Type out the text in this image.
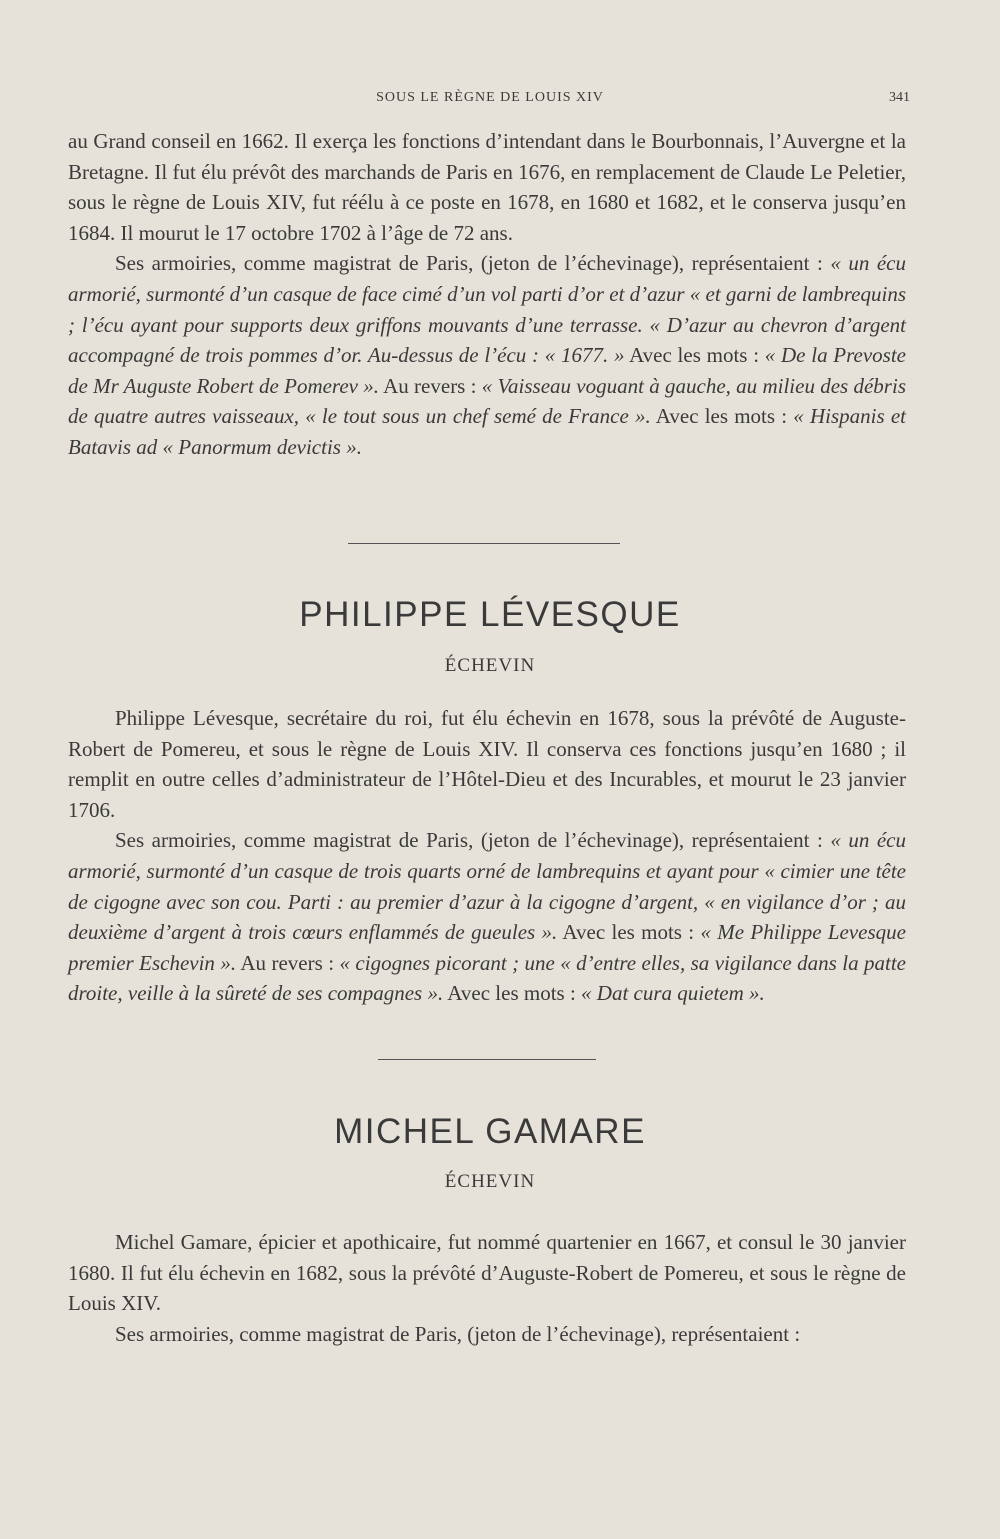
SOUS LE RÈGNE DE LOUIS XIV	341

au Grand conseil en 1662. Il exerça les fonctions d’intendant dans le Bourbonnais, l’Auvergne et la Bretagne. Il fut élu prévôt des marchands de Paris en 1676, en remplacement de Claude Le Peletier, sous le règne de Louis XIV, fut réélu à ce poste en 1678, en 1680 et 1682, et le conserva jusqu’en 1684. Il mourut le 17 octobre 1702 à l’âge de 72 ans.

Ses armoiries, comme magistrat de Paris, (jeton de l’échevinage), représentaient : « un écu armorié, surmonté d’un casque de face cimé d’un vol parti d’or et d’azur « et garni de lambrequins ; l’écu ayant pour supports deux griffons mouvants d’une terrasse. « D’azur au chevron d’argent accompagné de trois pommes d’or. Au-dessus de l’écu : « 1677. » Avec les mots : « De la Prevoste de Mr Auguste Robert de Pomerev ». Au revers : « Vaisseau voguant à gauche, au milieu des débris de quatre autres vaisseaux, « le tout sous un chef semé de France ». Avec les mots : « Hispanis et Batavis ad « Panormum devictis ».

PHILIPPE LÉVESQUE
ÉCHEVIN

Philippe Lévesque, secrétaire du roi, fut élu échevin en 1678, sous la prévôté de Auguste-Robert de Pomereu, et sous le règne de Louis XIV. Il conserva ces fonctions jusqu’en 1680 ; il remplit en outre celles d’administrateur de l’Hôtel-Dieu et des Incurables, et mourut le 23 janvier 1706.

Ses armoiries, comme magistrat de Paris, (jeton de l’échevinage), représentaient : « un écu armorié, surmonté d’un casque de trois quarts orné de lambrequins et ayant pour « cimier une tête de cigogne avec son cou. Parti : au premier d’azur à la cigogne d’argent, « en vigilance d’or ; au deuxième d’argent à trois cœurs enflammés de gueules ». Avec les mots : « Me Philippe Levesque premier Eschevin ». Au revers : « cigognes picorant ; une « d’entre elles, sa vigilance dans la patte droite, veille à la sûreté de ses compagnes ». Avec les mots : « Dat cura quietem ».

MICHEL GAMARE
ÉCHEVIN

Michel Gamare, épicier et apothicaire, fut nommé quartenier en 1667, et consul le 30 janvier 1680. Il fut élu échevin en 1682, sous la prévôté d’Auguste-Robert de Pomereu, et sous le règne de Louis XIV.

Ses armoiries, comme magistrat de Paris, (jeton de l’échevinage), représentaient :
